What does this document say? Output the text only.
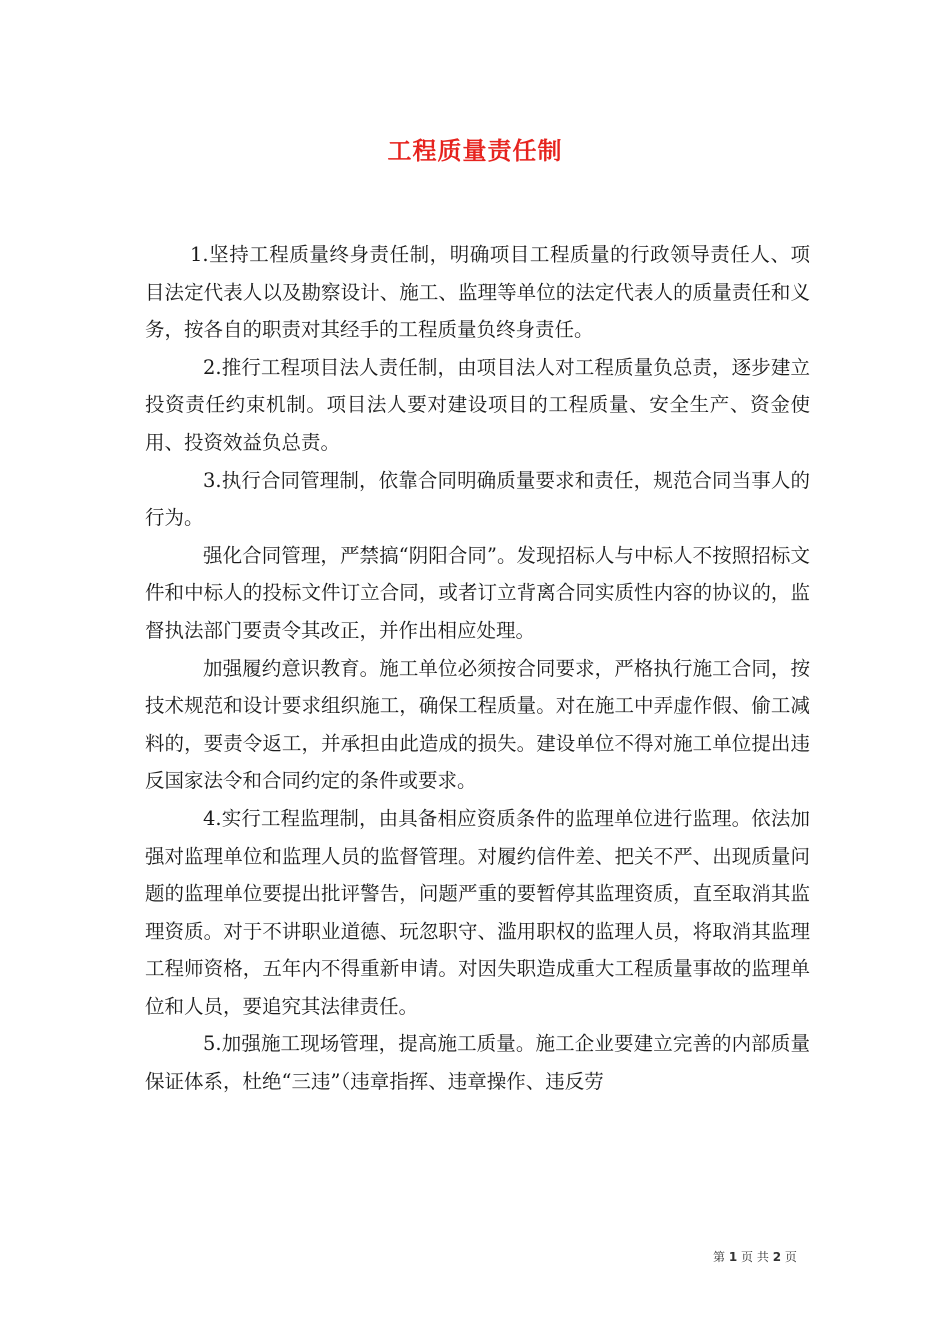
工程质量责任制

1.坚持工程质量终身责任制，明确项目工程质量的行政领导责任人、项目法定代表人以及勘察设计、施工、监理等单位的法定代表人的质量责任和义务，按各自的职责对其经手的工程质量负终身责任。

2.推行工程项目法人责任制，由项目法人对工程质量负总责，逐步建立投资责任约束机制。项目法人要对建设项目的工程质量、安全生产、资金使用、投资效益负总责。

3.执行合同管理制，依靠合同明确质量要求和责任，规范合同当事人的行为。

强化合同管理，严禁搞“阴阳合同”。发现招标人与中标人不按照招标文件和中标人的投标文件订立合同，或者订立背离合同实质性内容的协议的，监督执法部门要责令其改正，并作出相应处理。

加强履约意识教育。施工单位必须按合同要求，严格执行施工合同，按技术规范和设计要求组织施工，确保工程质量。对在施工中弄虚作假、偷工减料的，要责令返工，并承担由此造成的损失。建设单位不得对施工单位提出违反国家法令和合同约定的条件或要求。

4.实行工程监理制，由具备相应资质条件的监理单位进行监理。依法加强对监理单位和监理人员的监督管理。对履约信件差、把关不严、出现质量问题的监理单位要提出批评警告，问题严重的要暂停其监理资质，直至取消其监理资质。对于不讲职业道德、玩忽职守、滥用职权的监理人员，将取消其监理工程师资格，五年内不得重新申请。对因失职造成重大工程质量事故的监理单位和人员，要追究其法律责任。

5.加强施工现场管理，提高施工质量。施工企业要建立完善的内部质量保证体系，杜绝“三违”（违章指挥、违章操作、违反劳

第 1 页 共 2 页
